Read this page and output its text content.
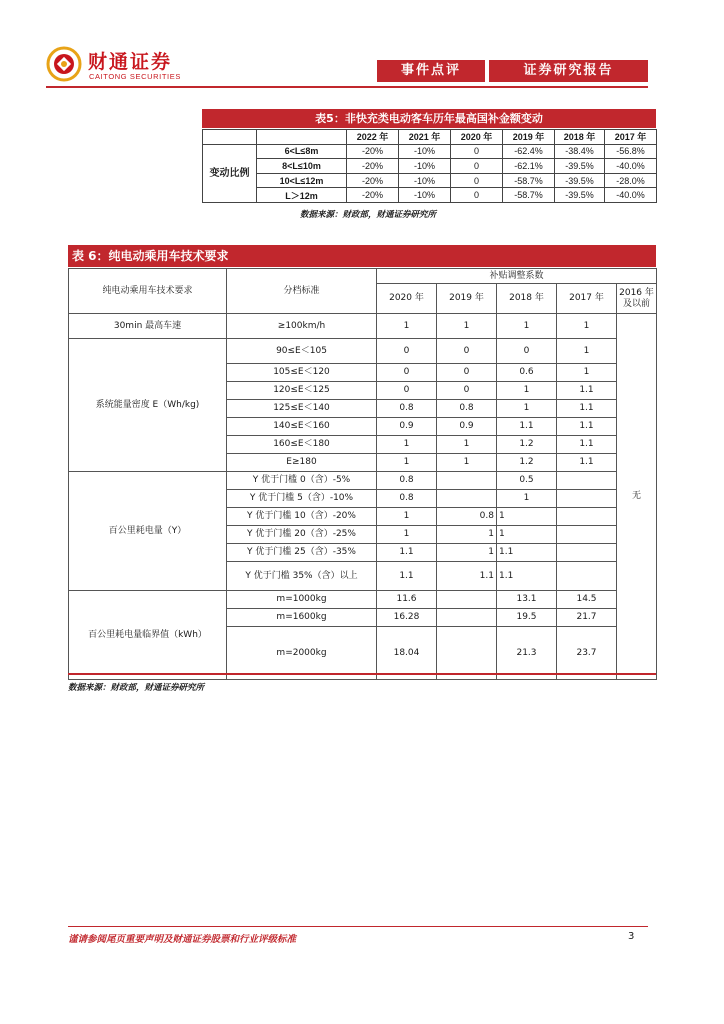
财通证券
CAITONG SECURITIES	事件点评	证券研究报告
表5：非快充类电动客车历年最高国补金额变动
		2022 年	2021 年	2020 年	2019 年	2018 年	2017 年
变动比例	6<L≤8m	-20%	-10%	0	-62.4%	-38.4%	-56.8%
	8<L≤10m	-20%	-10%	0	-62.1%	-39.5%	-40.0%
	10<L≤12m	-20%	-10%	0	-58.7%	-39.5%	-28.0%
	L＞12m	-20%	-10%	0	-58.7%	-39.5%	-40.0%
数据来源：财政部，财通证券研究所
表 6：纯电动乘用车技术要求
纯电动乘用车技术要求	分档标准	补贴调整系数				
		2020 年	2019 年	2018 年	2017 年	2016 年及以前
30min 最高车速	≥100km/h	1	1	1	1	无
系统能量密度 E（Wh/kg)	90≤E＜105	0	0	0	1	
	105≤E＜120	0	0	0.6	1	
	120≤E＜125	0	0	1	1.1	
	125≤E＜140	0.8	0.8	1	1.1	
	140≤E＜160	0.9	0.9	1.1	1.1	
	160≤E＜180	1	1	1.2	1.1	
	E≥180	1	1	1.2	1.1	
百公里耗电量（Y）	Y 优于门槛 0（含）-5%	0.8		0.5		
	Y 优于门槛 5（含）-10%	0.8		1		
	Y 优于门槛 10（含）-20%	1	0.8	1		
	Y 优于门槛 20（含）-25%	1	1	1		
	Y 优于门槛 25（含）-35%	1.1	1	1.1		
	Y 优于门槛 35%（含）以上	1.1	1.1	1.1		
百公里耗电量临界值（kWh）	m=1000kg	11.6		13.1	14.5	
	m=1600kg	16.28		19.5	21.7	
	m=2000kg	18.04		21.3	23.7	
数据来源：财政部，财通证券研究所
谨请参阅尾页重要声明及财通证券股票和行业评级标准	3
